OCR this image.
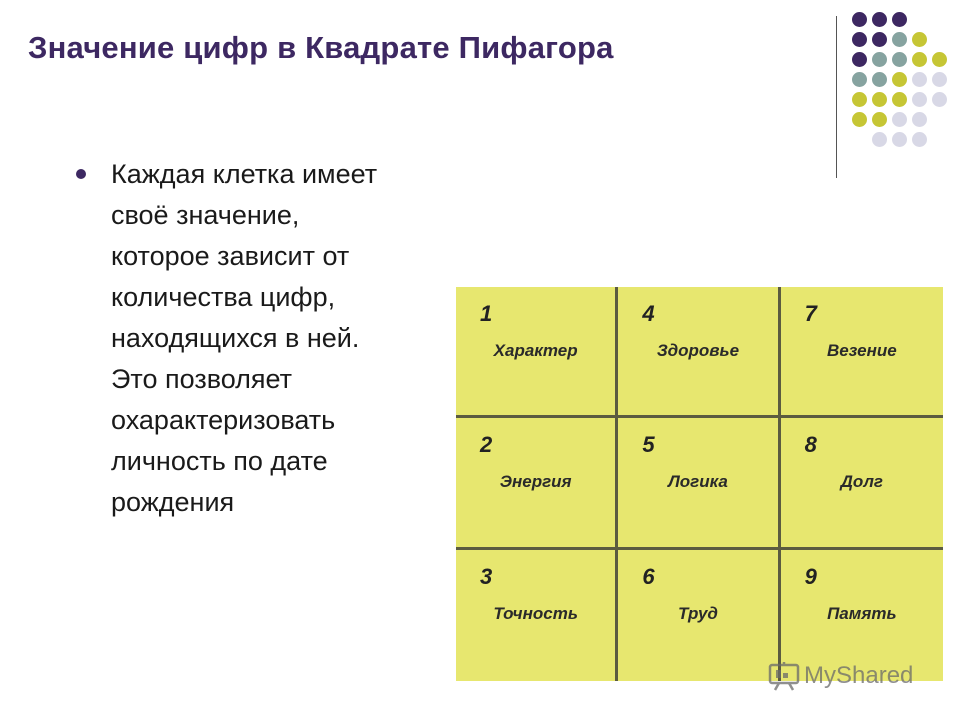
Значение цифр в Квадрате Пифагора
Каждая клетка имеет
своё значение,
которое зависит от
количества цифр,
находящихся в ней.
Это позволяет
охарактеризовать
личность по дате
рождения
1
Характер
4
Здоровье
7
Везение
2
Энергия
5
Логика
8
Долг
3
Точность
6
Труд
9
Память
MyShared
